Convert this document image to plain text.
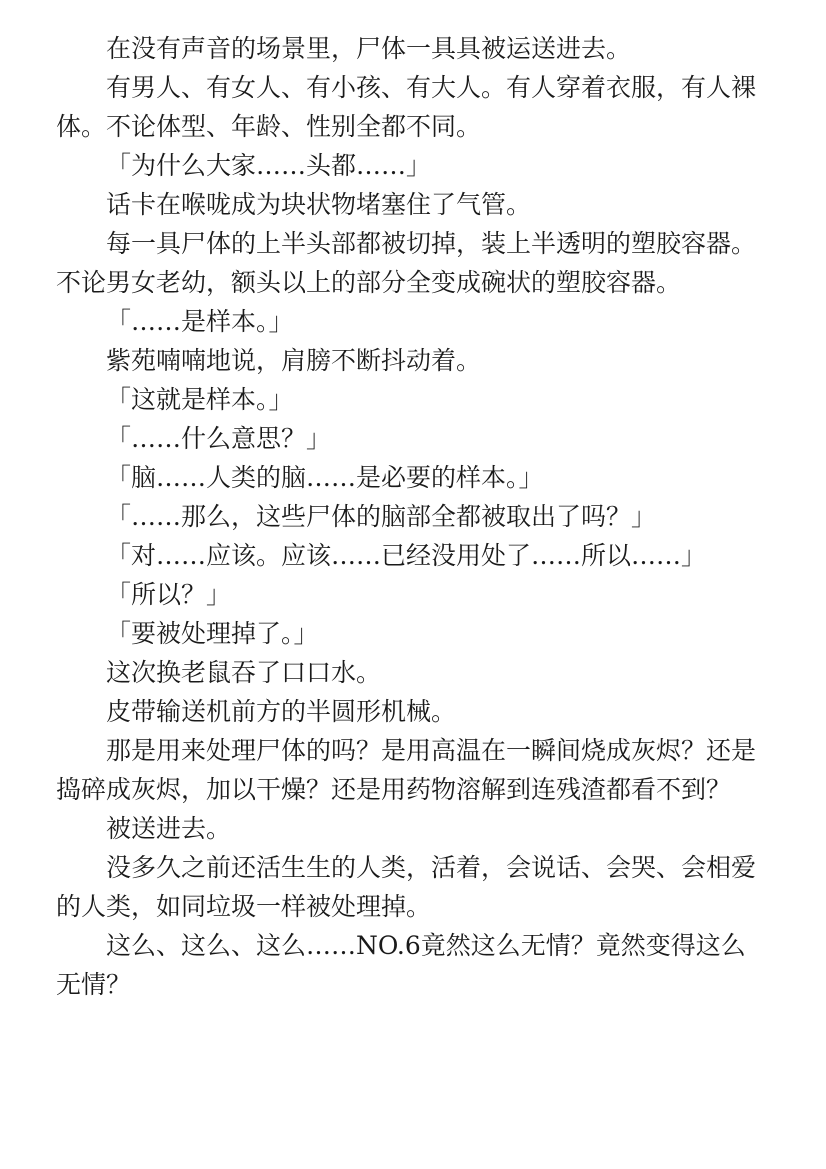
在没有声音的场景里，尸体一具具被运送进去。

有男人、有女人、有小孩、有大人。有人穿着衣服，有人裸体。不论体型、年龄、性别全都不同。

「为什么大家……头都……」

话卡在喉咙成为块状物堵塞住了气管。

每一具尸体的上半头部都被切掉，装上半透明的塑胶容器。不论男女老幼，额头以上的部分全变成碗状的塑胶容器。

「……是样本。」

紫苑喃喃地说，肩膀不断抖动着。

「这就是样本。」

「……什么意思？」

「脑……人类的脑……是必要的样本。」

「……那么，这些尸体的脑部全都被取出了吗？」

「对……应该。应该……已经没用处了……所以……」

「所以？」

「要被处理掉了。」

这次换老鼠吞了口口水。

皮带输送机前方的半圆形机械。

那是用来处理尸体的吗？是用高温在一瞬间烧成灰烬？还是捣碎成灰烬，加以干燥？还是用药物溶解到连残渣都看不到？

被送进去。

没多久之前还活生生的人类，活着，会说话、会哭、会相爱的人类，如同垃圾一样被处理掉。

这么、这么、这么……NO.6竟然这么无情？竟然变得这么无情？
